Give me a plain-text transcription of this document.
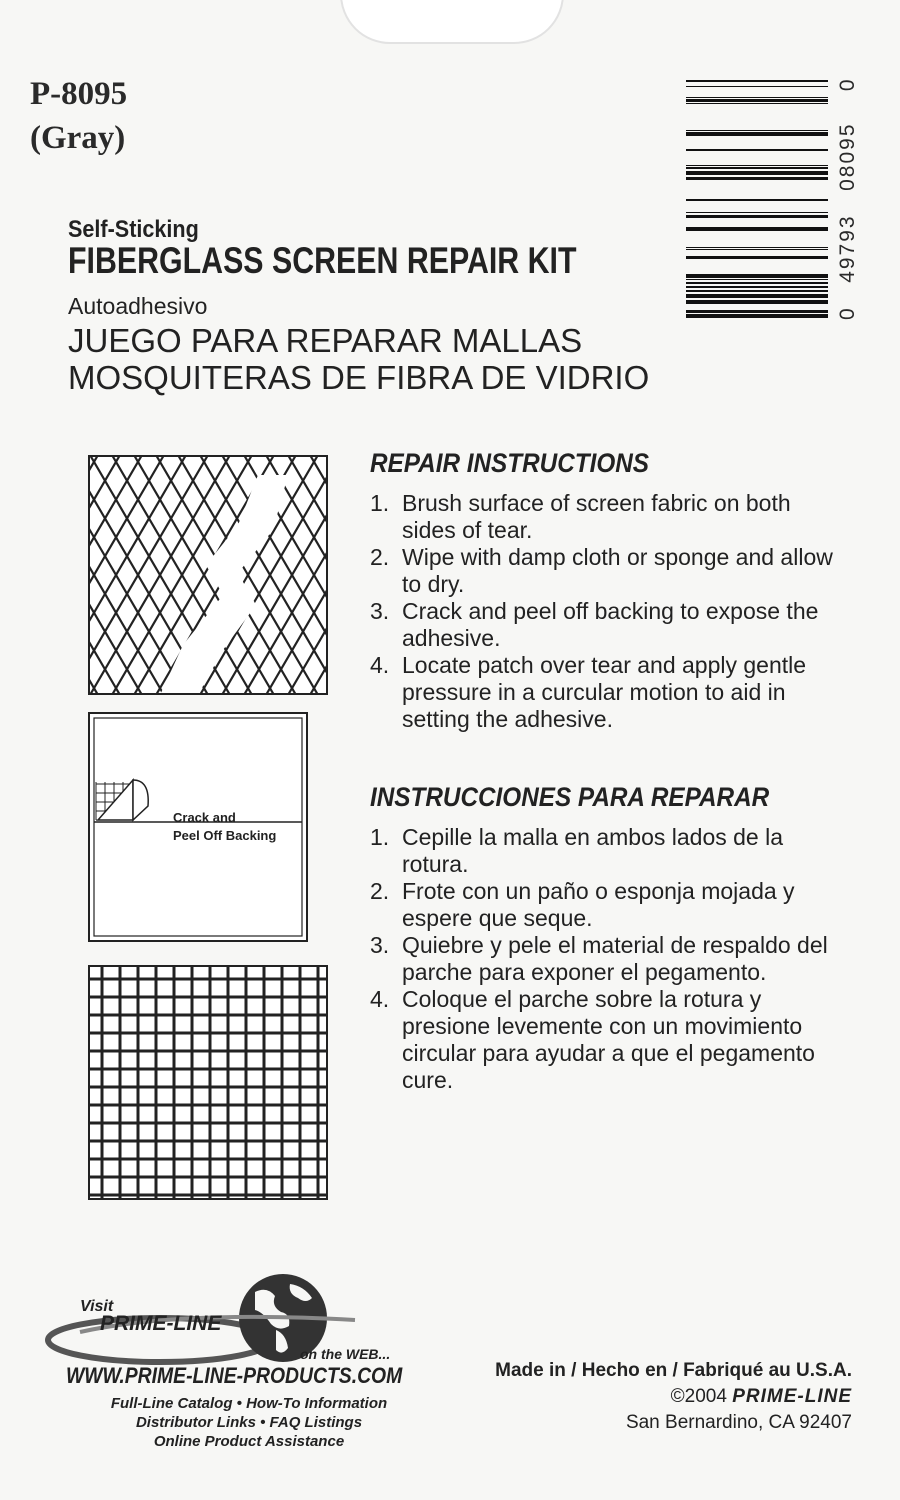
P-8095
(Gray)
0   49793   08095    0
Self-Sticking
FIBERGLASS SCREEN REPAIR KIT
Autoadhesivo
JUEGO PARA REPARAR MALLAS
MOSQUITERAS DE FIBRA DE VIDRIO
Crack and
Peel Off Backing
REPAIR INSTRUCTIONS
1. Brush surface of screen fabric on both sides of tear.
2. Wipe with damp cloth or sponge and allow to dry.
3. Crack and peel off backing to expose the adhesive.
4. Locate patch over tear and apply gentle pressure in a curcular motion to aid in setting the adhesive.
INSTRUCCIONES PARA REPARAR
1. Cepille la malla en ambos lados de la rotura.
2. Frote con un paño o esponja mojada y espere que seque.
3. Quiebre y pele el material de respaldo del parche para exponer el pegamento.
4. Coloque el parche sobre la rotura y presione levemente con un movimiento circular para ayudar a que el pegamento cure.
Visit
PRIME-LINE
on the WEB...
WWW.PRIME-LINE-PRODUCTS.COM
Full-Line Catalog • How-To Information
Distributor Links • FAQ Listings
Online Product Assistance
Made in / Hecho en / Fabriqué au U.S.A.
©2004 PRIME-LINE
San Bernardino, CA 92407
